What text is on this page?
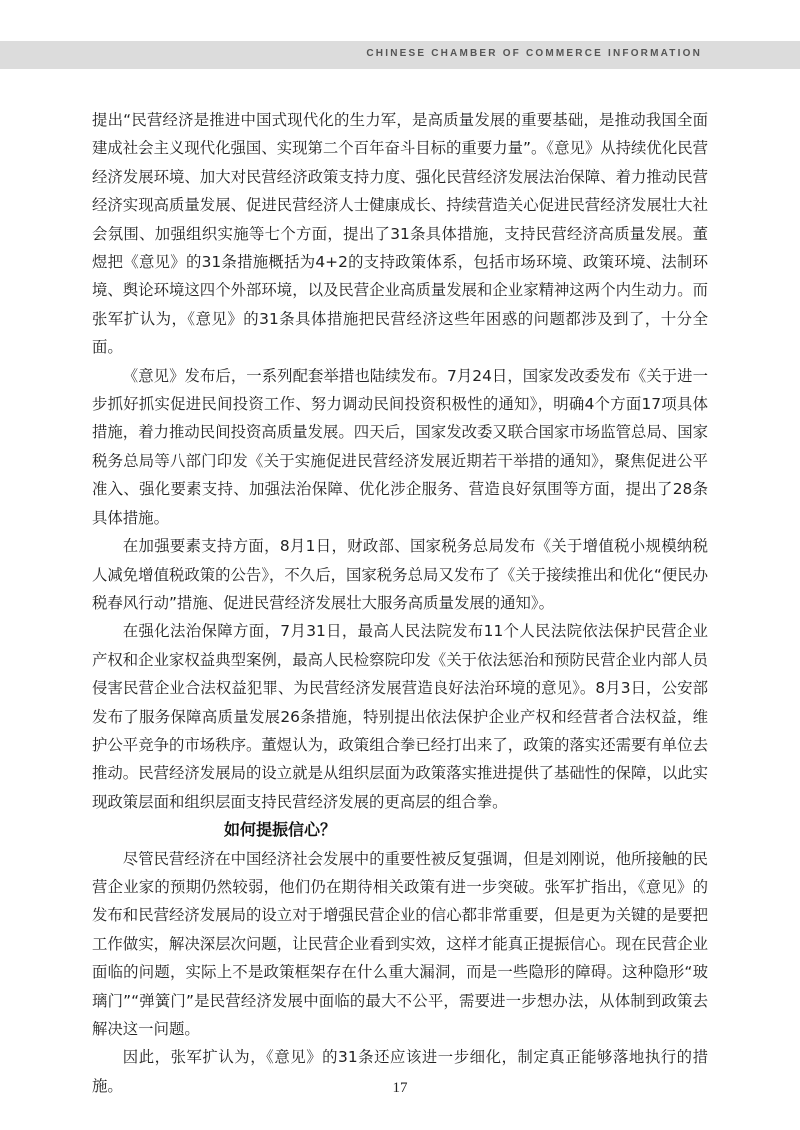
CHINESE CHAMBER OF COMMERCE INFORMATION

提出“民营经济是推进中国式现代化的生力军，是高质量发展的重要基础，是推动我国全面建成社会主义现代化强国、实现第二个百年奋斗目标的重要力量”。《意见》从持续优化民营经济发展环境、加大对民营经济政策支持力度、强化民营经济发展法治保障、着力推动民营经济实现高质量发展、促进民营经济人士健康成长、持续营造关心促进民营经济发展壮大社会氛围、加强组织实施等七个方面，提出了31条具体措施，支持民营经济高质量发展。董煜把《意见》的31条措施概括为4+2的支持政策体系，包括市场环境、政策环境、法制环境、舆论环境这四个外部环境，以及民营企业高质量发展和企业家精神这两个内生动力。而张军扩认为，《意见》的31条具体措施把民营经济这些年困惑的问题都涉及到了，十分全面。

《意见》发布后，一系列配套举措也陆续发布。7月24日，国家发改委发布《关于进一步抓好抓实促进民间投资工作、努力调动民间投资积极性的通知》，明确4个方面17项具体措施，着力推动民间投资高质量发展。四天后，国家发改委又联合国家市场监管总局、国家税务总局等八部门印发《关于实施促进民营经济发展近期若干举措的通知》，聚焦促进公平准入、强化要素支持、加强法治保障、优化涉企服务、营造良好氛围等方面，提出了28条具体措施。

在加强要素支持方面，8月1日，财政部、国家税务总局发布《关于增值税小规模纳税人减免增值税政策的公告》，不久后，国家税务总局又发布了《关于接续推出和优化“便民办税春风行动”措施、促进民营经济发展壮大服务高质量发展的通知》。

在强化法治保障方面，7月31日，最高人民法院发布11个人民法院依法保护民营企业产权和企业家权益典型案例，最高人民检察院印发《关于依法惩治和预防民营企业内部人员侵害民营企业合法权益犯罪、为民营经济发展营造良好法治环境的意见》。8月3日，公安部发布了服务保障高质量发展26条措施，特别提出依法保护企业产权和经营者合法权益，维护公平竞争的市场秩序。董煜认为，政策组合拳已经打出来了，政策的落实还需要有单位去推动。民营经济发展局的设立就是从组织层面为政策落实推进提供了基础性的保障，以此实现政策层面和组织层面支持民营经济发展的更高层的组合拳。

如何提振信心？

尽管民营经济在中国经济社会发展中的重要性被反复强调，但是刘刚说，他所接触的民营企业家的预期仍然较弱，他们仍在期待相关政策有进一步突破。张军扩指出，《意见》的发布和民营经济发展局的设立对于增强民营企业的信心都非常重要，但是更为关键的是要把工作做实，解决深层次问题，让民营企业看到实效，这样才能真正提振信心。现在民营企业面临的问题，实际上不是政策框架存在什么重大漏洞，而是一些隐形的障碍。这种隐形“玻璃门”“弹簧门”是民营经济发展中面临的最大不公平，需要进一步想办法，从体制到政策去解决这一问题。

因此，张军扩认为，《意见》的31条还应该进一步细化，制定真正能够落地执行的措施。	17
